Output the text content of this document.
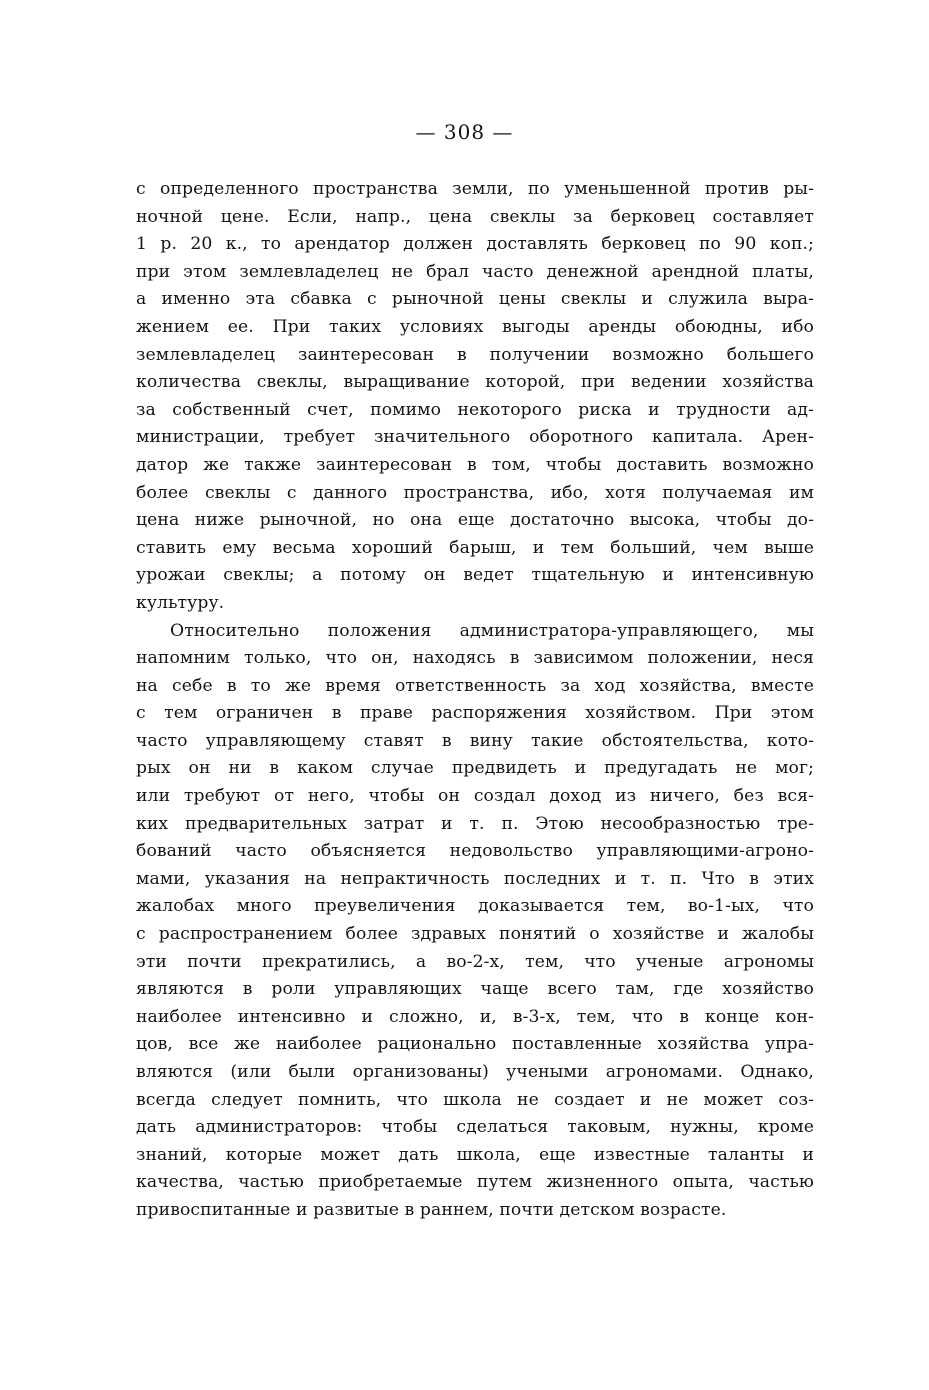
— 308 —
с определенного пространства земли, по уменьшенной против ры-
ночной цене. Если, напр., цена свеклы за берковец составляет
1 р. 20 к., то арендатор должен доставлять берковец по 90 коп.;
при этом землевладелец не брал часто денежной арендной платы,
а именно эта сбавка с рыночной цены свеклы и служила выра-
жением ее. При таких условиях выгоды аренды обоюдны, ибо
землевладелец заинтересован в получении возможно большего
количества свеклы, выращивание которой, при ведении хозяйства
за собственный счет, помимо некоторого риска и трудности ад-
министрации, требует значительного оборотного капитала. Арен-
датор же также заинтересован в том, чтобы доставить возможно
более свеклы с данного пространства, ибо, хотя получаемая им
цена ниже рыночной, но она еще достаточно высока, чтобы до-
ставить ему весьма хороший барыш, и тем больший, чем выше
урожаи свеклы; а потому он ведет тщательную и интенсивную
культуру.
Относительно положения администратора-управляющего, мы
напомним только, что он, находясь в зависимом положении, неся
на себе в то же время ответственность за ход хозяйства, вместе
с тем ограничен в праве распоряжения хозяйством. При этом
часто управляющему ставят в вину такие обстоятельства, кото-
рых он ни в каком случае предвидеть и предугадать не мог;
или требуют от него, чтобы он создал доход из ничего, без вся-
ких предварительных затрат и т. п. Этою несообразностью тре-
бований часто объясняется недовольство управляющими-агроно-
мами, указания на непрактичность последних и т. п. Что в этих
жалобах много преувеличения доказывается тем, во-1-ых, что
с распространением более здравых понятий о хозяйстве и жалобы
эти почти прекратились, а во-2-х, тем, что ученые агрономы
являются в роли управляющих чаще всего там, где хозяйство
наиболее интенсивно и сложно, и, в-3-х, тем, что в конце кон-
цов, все же наиболее рационально поставленные хозяйства упра-
вляются (или были организованы) учеными агрономами. Однако,
всегда следует помнить, что школа не создает и не может соз-
дать администраторов: чтобы сделаться таковым, нужны, кроме
знаний, которые может дать школа, еще известные таланты и
качества, частью приобретаемые путем жизненного опыта, частью
привоспитанные и развитые в раннем, почти детском возрасте.
